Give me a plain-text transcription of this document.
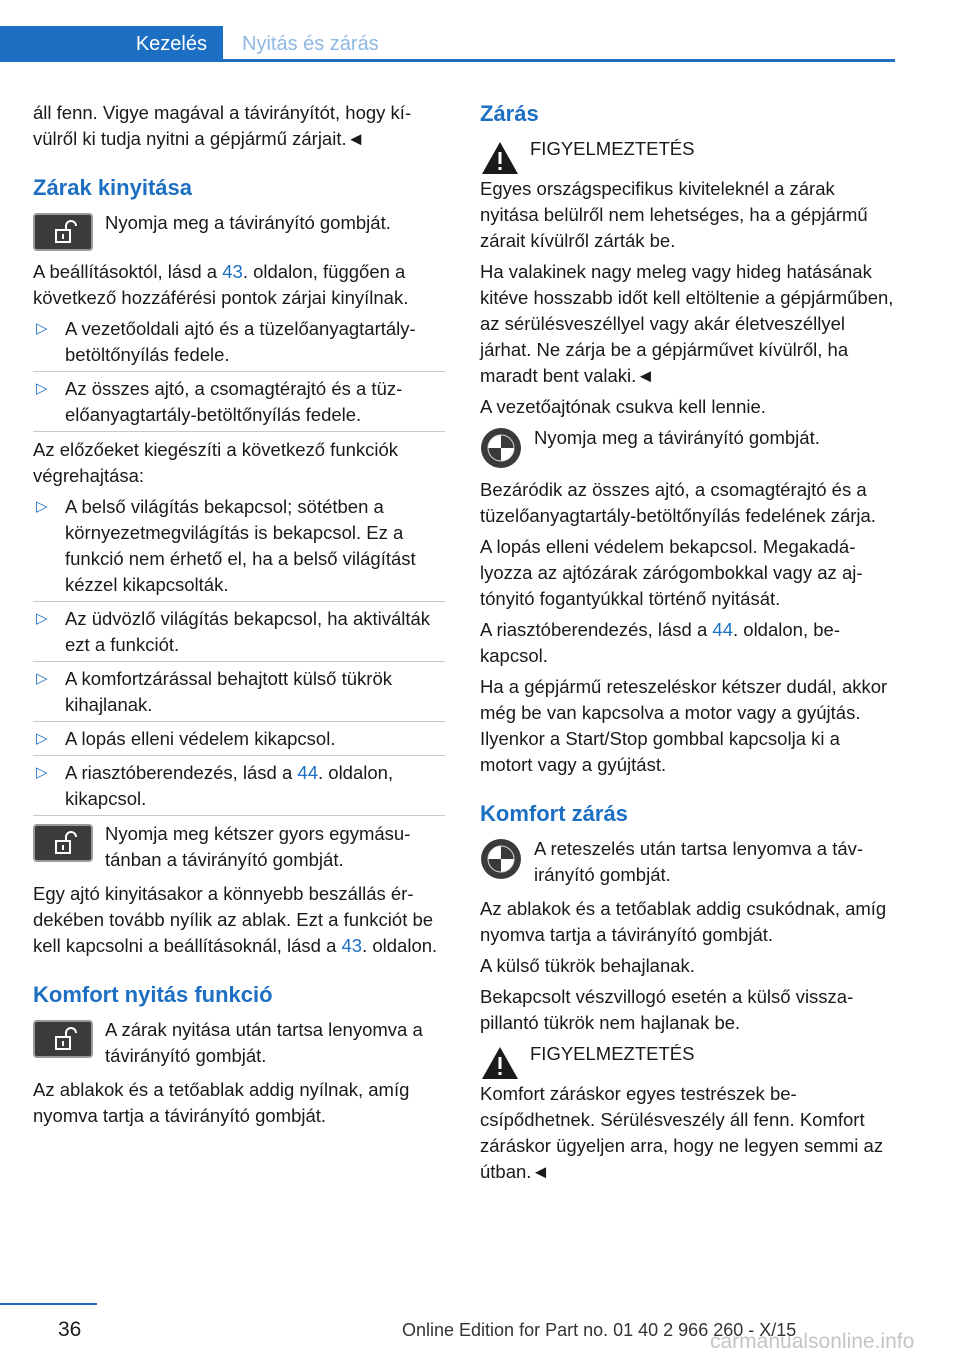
Kezelés	Nyitás és zárás

áll fenn. Vigye magával a távirányítót, hogy kívülről ki tudja nyitni a gépjármű zárjait.◄

Zárak kinyitása
Nyomja meg a távirányító gombját.

A beállításoktól, lásd a 43. oldalon, függően a következő hozzáférési pontok zárjai kinyílnak.

▷ A vezetőoldali ajtó és a tüzelőanyagtartály-betöltőnyílás fedele.
▷ Az összes ajtó, a csomagtérajtó és a tüzelőanyagtartály-betöltőnyílás fedele.

Az előzőeket kiegészíti a következő funkciók végrehajtása:

▷ A belső világítás bekapcsol; sötétben a környezetmegvilágítás is bekapcsol. Ez a funkció nem érhető el, ha a belső világítást kézzel kikapcsolták.
▷ Az üdvözlő világítás bekapcsol, ha aktiválták ezt a funkciót.
▷ A komfortzárással behajtott külső tükrök kihajlanak.
▷ A lopás elleni védelem kikapcsol.
▷ A riasztóberendezés, lásd a 44. oldalon, kikapcsol.
Nyomja meg kétszer gyors egymásutánban a távirányító gombját.

Egy ajtó kinyitásakor a könnyebb beszállás érdekében tovább nyílik az ablak. Ezt a funkciót be kell kapcsolni a beállításoknál, lásd a 43. oldalon.

Komfort nyitás funkció
A zárak nyitása után tartsa lenyomva a távirányító gombját.

Az ablakok és a tetőablak addig nyílnak, amíg nyomva tartja a távirányító gombját.

Zárás
FIGYELMEZTETÉS

Egyes országspecifikus kiviteleknél a zárak nyitása belülről nem lehetséges, ha a gépjármű zárait kívülről zárták be.

Ha valakinek nagy meleg vagy hideg hatásának kitéve hosszabb időt kell eltöltenie a gépjárműben, az sérülésveszéllyel vagy akár életveszéllyel járhat. Ne zárja be a gépjárművet kívülről, ha maradt bent valaki.◄

A vezetőajtónak csukva kell lennie.

Nyomja meg a távirányító gombját.

Bezáródik az összes ajtó, a csomagtérajtó és a tüzelőanyagtartály-betöltőnyílás fedelének zárja.

A lopás elleni védelem bekapcsol. Megakadályozza az ajtózárak zárógombokkal vagy az ajtónyitó fogantyúkkal történő nyitását.

A riasztóberendezés, lásd a 44. oldalon, bekapcsol.

Ha a gépjármű reteszeléskor kétszer dudál, akkor még be van kapcsolva a motor vagy a gyújtás. Ilyenkor a Start/Stop gombbal kapcsolja ki a motort vagy a gyújtást.

Komfort zárás
A reteszelés után tartsa lenyomva a távirányító gombját.

Az ablakok és a tetőablak addig csukódnak, amíg nyomva tartja a távirányító gombját.

A külső tükrök behajlanak.

Bekapcsolt vészvillogó esetén a külső visszapillantó tükrök nem hajlanak be.

FIGYELMEZTETÉS

Komfort záráskor egyes testrészek becsípődhetnek. Sérülésveszély áll fenn. Komfort záráskor ügyeljen arra, hogy ne legyen semmi az útban.◄

36	Online Edition for Part no. 01 40 2 966 260 - X/15
carmanualsonline.info
